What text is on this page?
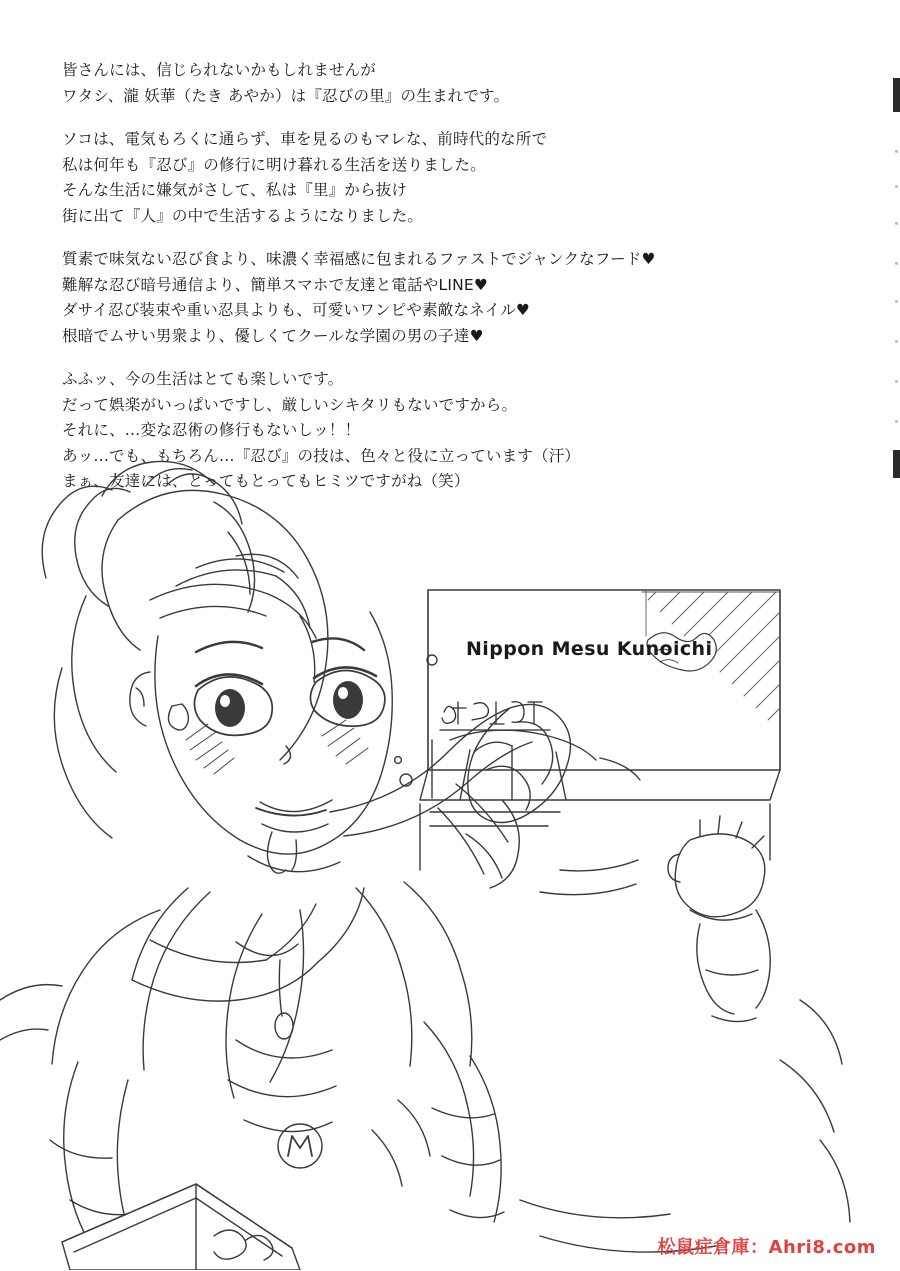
皆さんには、信じられないかもしれませんが
ワタシ、瀧 妖華（たき あやか）は『忍びの里』の生まれです。

ソコは、電気もろくに通らず、車を見るのもマレな、前時代的な所で
私は何年も『忍び』の修行に明け暮れる生活を送りました。
そんな生活に嫌気がさして、私は『里』から抜け
街に出て『人』の中で生活するようになりました。

質素で味気ない忍び食より、味濃く幸福感に包まれるファストでジャンクなフード♥
難解な忍び暗号通信より、簡単スマホで友達と電話やLINE♥
ダサイ忍び装束や重い忍具よりも、可愛いワンピや素敵なネイル♥
根暗でムサい男衆より、優しくてクールな学園の男の子達♥

ふふッ、今の生活はとても楽しいです。
だって娯楽がいっぱいですし、厳しいシキタリもないですから。
それに、…変な忍術の修行もないしッ！！
あッ…でも、もちろん…『忍び』の技は、色々と役に立っています（汗）
まぁ、友達には、とってもとってもヒミツですがね（笑）

Nippon Mesu Kunoichi
松鼠症倉庫：Ahri8.com
